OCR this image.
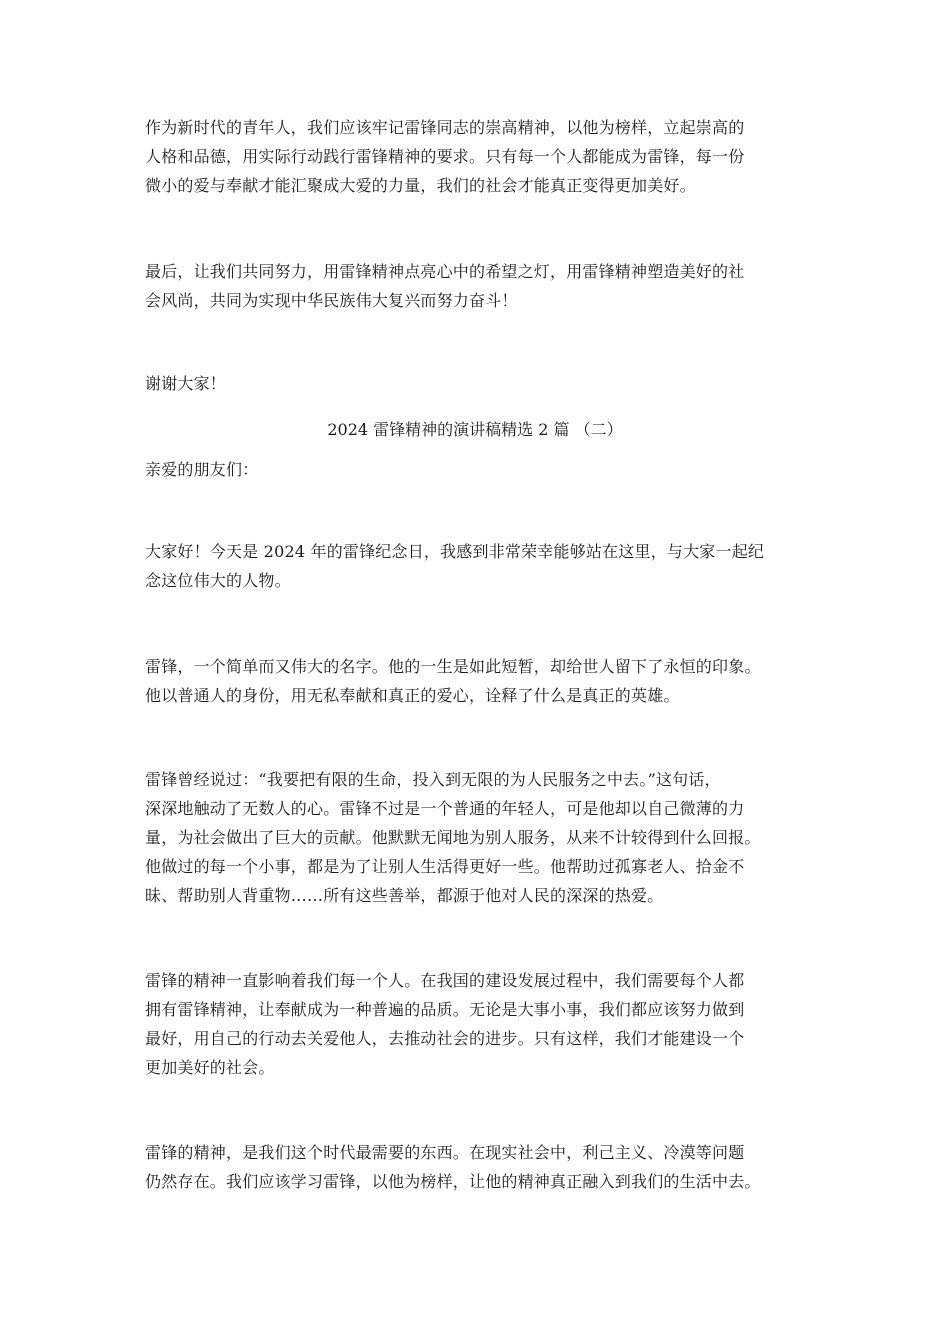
作为新时代的青年人，我们应该牢记雷锋同志的崇高精神，以他为榜样，立起崇高的
人格和品德，用实际行动践行雷锋精神的要求。只有每一个人都能成为雷锋，每一份
微小的爱与奉献才能汇聚成大爱的力量，我们的社会才能真正变得更加美好。
最后，让我们共同努力，用雷锋精神点亮心中的希望之灯，用雷锋精神塑造美好的社
会风尚，共同为实现中华民族伟大复兴而努力奋斗！
谢谢大家！
2024 雷锋精神的演讲稿精选 2 篇 （二）
亲爱的朋友们：
大家好！今天是 2024 年的雷锋纪念日，我感到非常荣幸能够站在这里，与大家一起纪
念这位伟大的人物。
雷锋，一个简单而又伟大的名字。他的一生是如此短暂，却给世人留下了永恒的印象。
他以普通人的身份，用无私奉献和真正的爱心，诠释了什么是真正的英雄。
雷锋曾经说过：“我要把有限的生命，投入到无限的为人民服务之中去。”这句话，
深深地触动了无数人的心。雷锋不过是一个普通的年轻人，可是他却以自己微薄的力
量，为社会做出了巨大的贡献。他默默无闻地为别人服务，从来不计较得到什么回报。
他做过的每一个小事，都是为了让别人生活得更好一些。他帮助过孤寡老人、拾金不
昧、帮助别人背重物……所有这些善举，都源于他对人民的深深的热爱。
雷锋的精神一直影响着我们每一个人。在我国的建设发展过程中，我们需要每个人都
拥有雷锋精神，让奉献成为一种普遍的品质。无论是大事小事，我们都应该努力做到
最好，用自己的行动去关爱他人，去推动社会的进步。只有这样，我们才能建设一个
更加美好的社会。
雷锋的精神，是我们这个时代最需要的东西。在现实社会中，利己主义、冷漠等问题
仍然存在。我们应该学习雷锋，以他为榜样，让他的精神真正融入到我们的生活中去。
